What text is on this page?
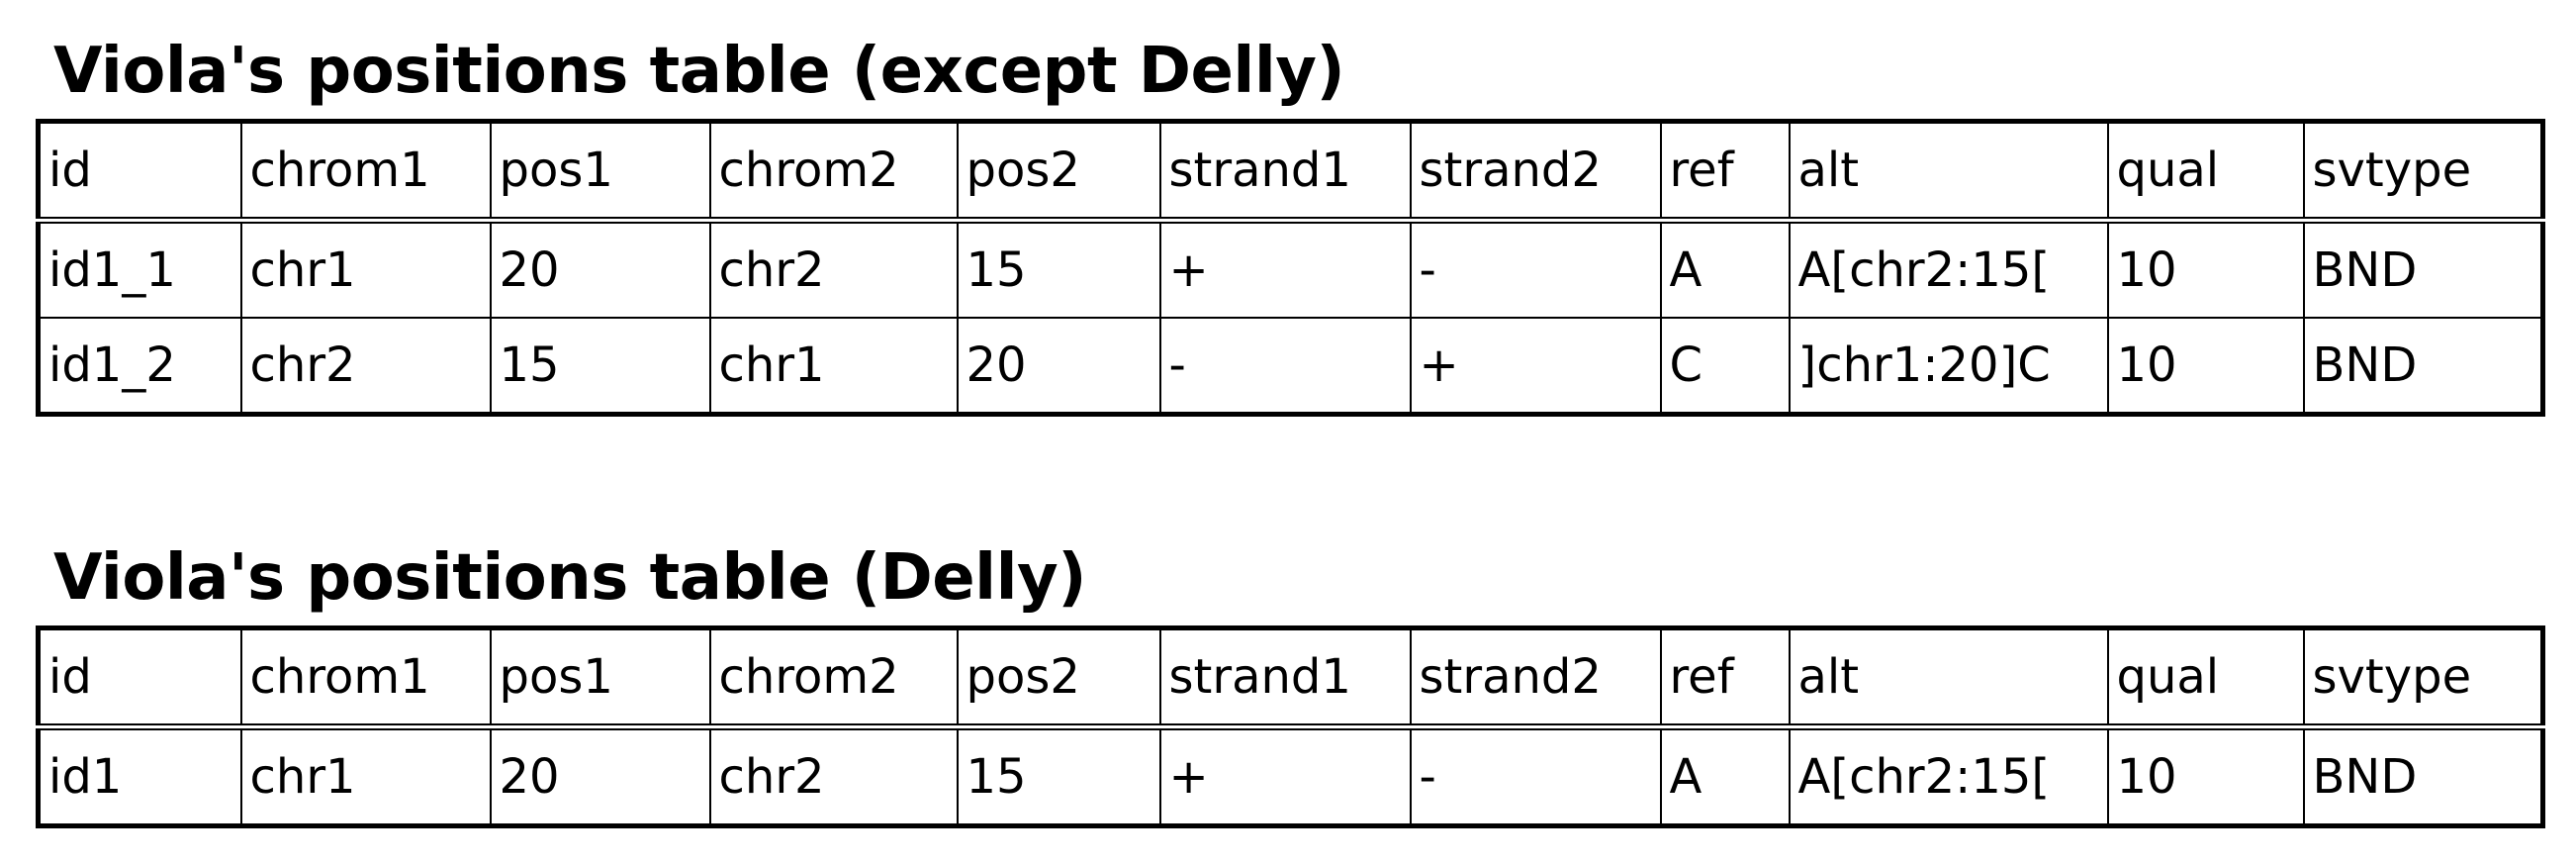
Viola's positions table (except Delly)
id	chrom1	pos1	chrom2	pos2	strand1	strand2	ref	alt	qual	svtype
id1_1	chr1	20	chr2	15	+	-	A	A[chr2:15[	10	BND
id1_2	chr2	15	chr1	20	-	+	C	]chr1:20]C	10	BND
Viola's positions table (Delly)
id	chrom1	pos1	chrom2	pos2	strand1	strand2	ref	alt	qual	svtype
id1	chr1	20	chr2	15	+	-	A	A[chr2:15[	10	BND
